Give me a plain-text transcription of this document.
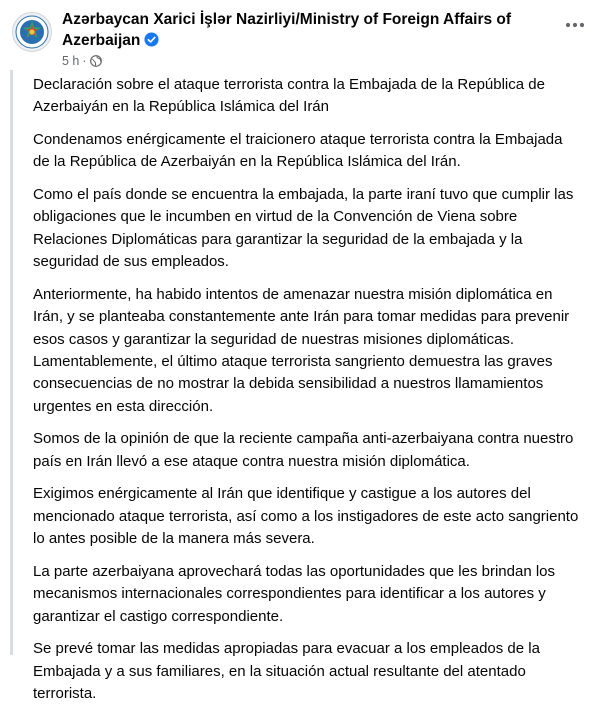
Azərbaycan Xarici İşlər Nazirliyi/Ministry of Foreign Affairs of
Azerbaijan
5 h ·

Declaración sobre el ataque terrorista contra la Embajada de la República de Azerbaiyán en la República Islámica del Irán

Condenamos enérgicamente el traicionero ataque terrorista contra la Embajada de la República de Azerbaiyán en la República Islámica del Irán.

Como el país donde se encuentra la embajada, la parte iraní tuvo que cumplir las obligaciones que le incumben en virtud de la Convención de Viena sobre Relaciones Diplomáticas para garantizar la seguridad de la embajada y la seguridad de sus empleados.

Anteriormente, ha habido intentos de amenazar nuestra misión diplomática en Irán, y se planteaba constantemente ante Irán para tomar medidas para prevenir esos casos y garantizar la seguridad de nuestras misiones diplomáticas. Lamentablemente, el último ataque terrorista sangriento demuestra las graves consecuencias de no mostrar la debida sensibilidad a nuestros llamamientos urgentes en esta dirección.

Somos de la opinión de que la reciente campaña anti-azerbaiyana contra nuestro país en Irán llevó a ese ataque contra nuestra misión diplomática.

Exigimos enérgicamente al Irán que identifique y castigue a los autores del mencionado ataque terrorista, así como a los instigadores de este acto sangriento lo antes posible de la manera más severa.

La parte azerbaiyana aprovechará todas las oportunidades que les brindan los mecanismos internacionales correspondientes para identificar a los autores y garantizar el castigo correspondiente.

Se prevé tomar las medidas apropiadas para evacuar a los empleados de la Embajada y a sus familiares, en la situación actual resultante del atentado terrorista.
